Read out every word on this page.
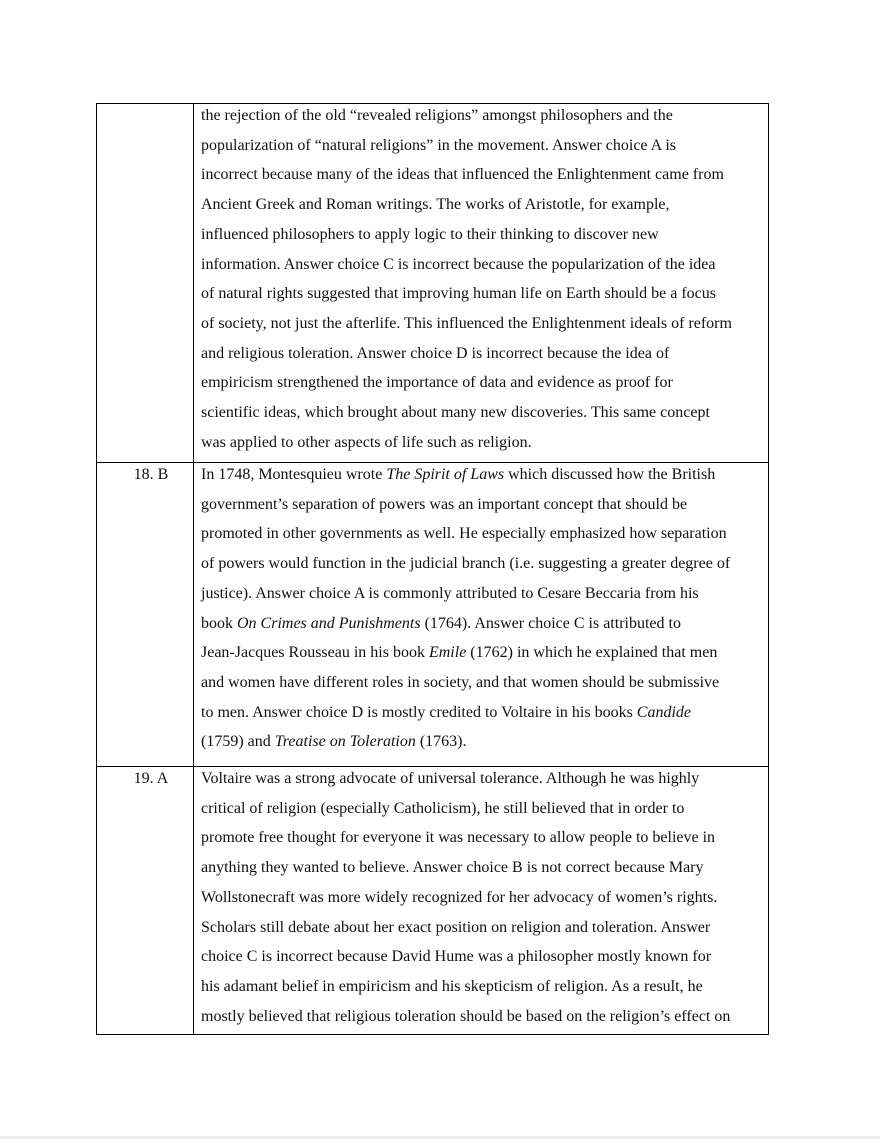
the rejection of the old “revealed religions” amongst philosophers and the
popularization of “natural religions” in the movement. Answer choice A is
incorrect because many of the ideas that influenced the Enlightenment came from
Ancient Greek and Roman writings. The works of Aristotle, for example,
influenced philosophers to apply logic to their thinking to discover new
information. Answer choice C is incorrect because the popularization of the idea
of natural rights suggested that improving human life on Earth should be a focus
of society, not just the afterlife. This influenced the Enlightenment ideals of reform
and religious toleration. Answer choice D is incorrect because the idea of
empiricism strengthened the importance of data and evidence as proof for
scientific ideas, which brought about many new discoveries. This same concept
was applied to other aspects of life such as religion.
18. B	In 1748, Montesquieu wrote The Spirit of Laws which discussed how the British
government’s separation of powers was an important concept that should be
promoted in other governments as well. He especially emphasized how separation
of powers would function in the judicial branch (i.e. suggesting a greater degree of
justice). Answer choice A is commonly attributed to Cesare Beccaria from his
book On Crimes and Punishments (1764). Answer choice C is attributed to
Jean-Jacques Rousseau in his book Emile (1762) in which he explained that men
and women have different roles in society, and that women should be submissive
to men. Answer choice D is mostly credited to Voltaire in his books Candide
(1759) and Treatise on Toleration (1763).
19. A	Voltaire was a strong advocate of universal tolerance. Although he was highly
critical of religion (especially Catholicism), he still believed that in order to
promote free thought for everyone it was necessary to allow people to believe in
anything they wanted to believe. Answer choice B is not correct because Mary
Wollstonecraft was more widely recognized for her advocacy of women’s rights.
Scholars still debate about her exact position on religion and toleration. Answer
choice C is incorrect because David Hume was a philosopher mostly known for
his adamant belief in empiricism and his skepticism of religion. As a result, he
mostly believed that religious toleration should be based on the religion’s effect on
